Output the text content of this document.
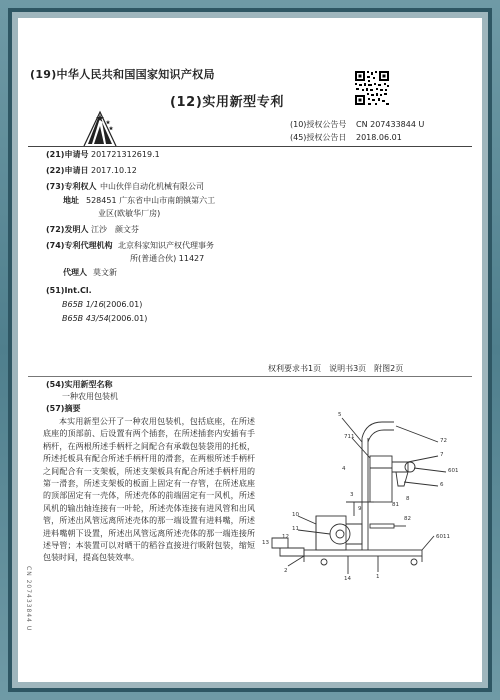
(19)中华人民共和国国家知识产权局
(12)实用新型专利
(10)授权公告号 CN 207433844 U
(45)授权公告日 2018.06.01
(21)申请号 201721312619.1
(22)申请日 2017.10.12
(73)专利权人 中山伙伴自动化机械有限公司
地址 528451 广东省中山市南朗镇第六工
业区(欧敏华厂房)
(72)发明人 江沙　颜文芬
(74)专利代理机构 北京科家知识产权代理事务
所(普通合伙) 11427
代理人 莫文新
(51)Int.Cl.
B65B 1/16 (2006.01)
B65B 43/54 (2006.01)
权利要求书1页　说明书3页　附图2页
(54)实用新型名称
一种农用包装机
(57)摘要
本实用新型公开了一种农用包装机，包括底座，在所述底座的顶部前、后设置有两个插套，在所述插套内安插有手柄杆，在两根所述手柄杆之间配合有承载包装袋用的托板，所述托板具有配合所述手柄杆用的滑套，在两根所述手柄杆之间配合有一支架板，所述支架板具有配合所述手柄杆用的第一滑套，所述支架板的板面上固定有一存管，在所述底座的顶部固定有一壳体，所述壳体的前端固定有一风机，所述风机的输出轴连接有一叶轮，所述壳体连接有进风管和出风管，所述出风管远离所述壳体的那一端设置有进料嘴，所述进料嘴朝下设置，所述出风管远离所述壳体的那一端连接所述导管；本装置可以对晒干的稻谷直接进行吸附包装，缩短包装时间，提高包装效率。
5
72
711
7
601
6
4
3
81
8
9
82
10
11
12
13
2
14	1
6011
CN 207433844 U
